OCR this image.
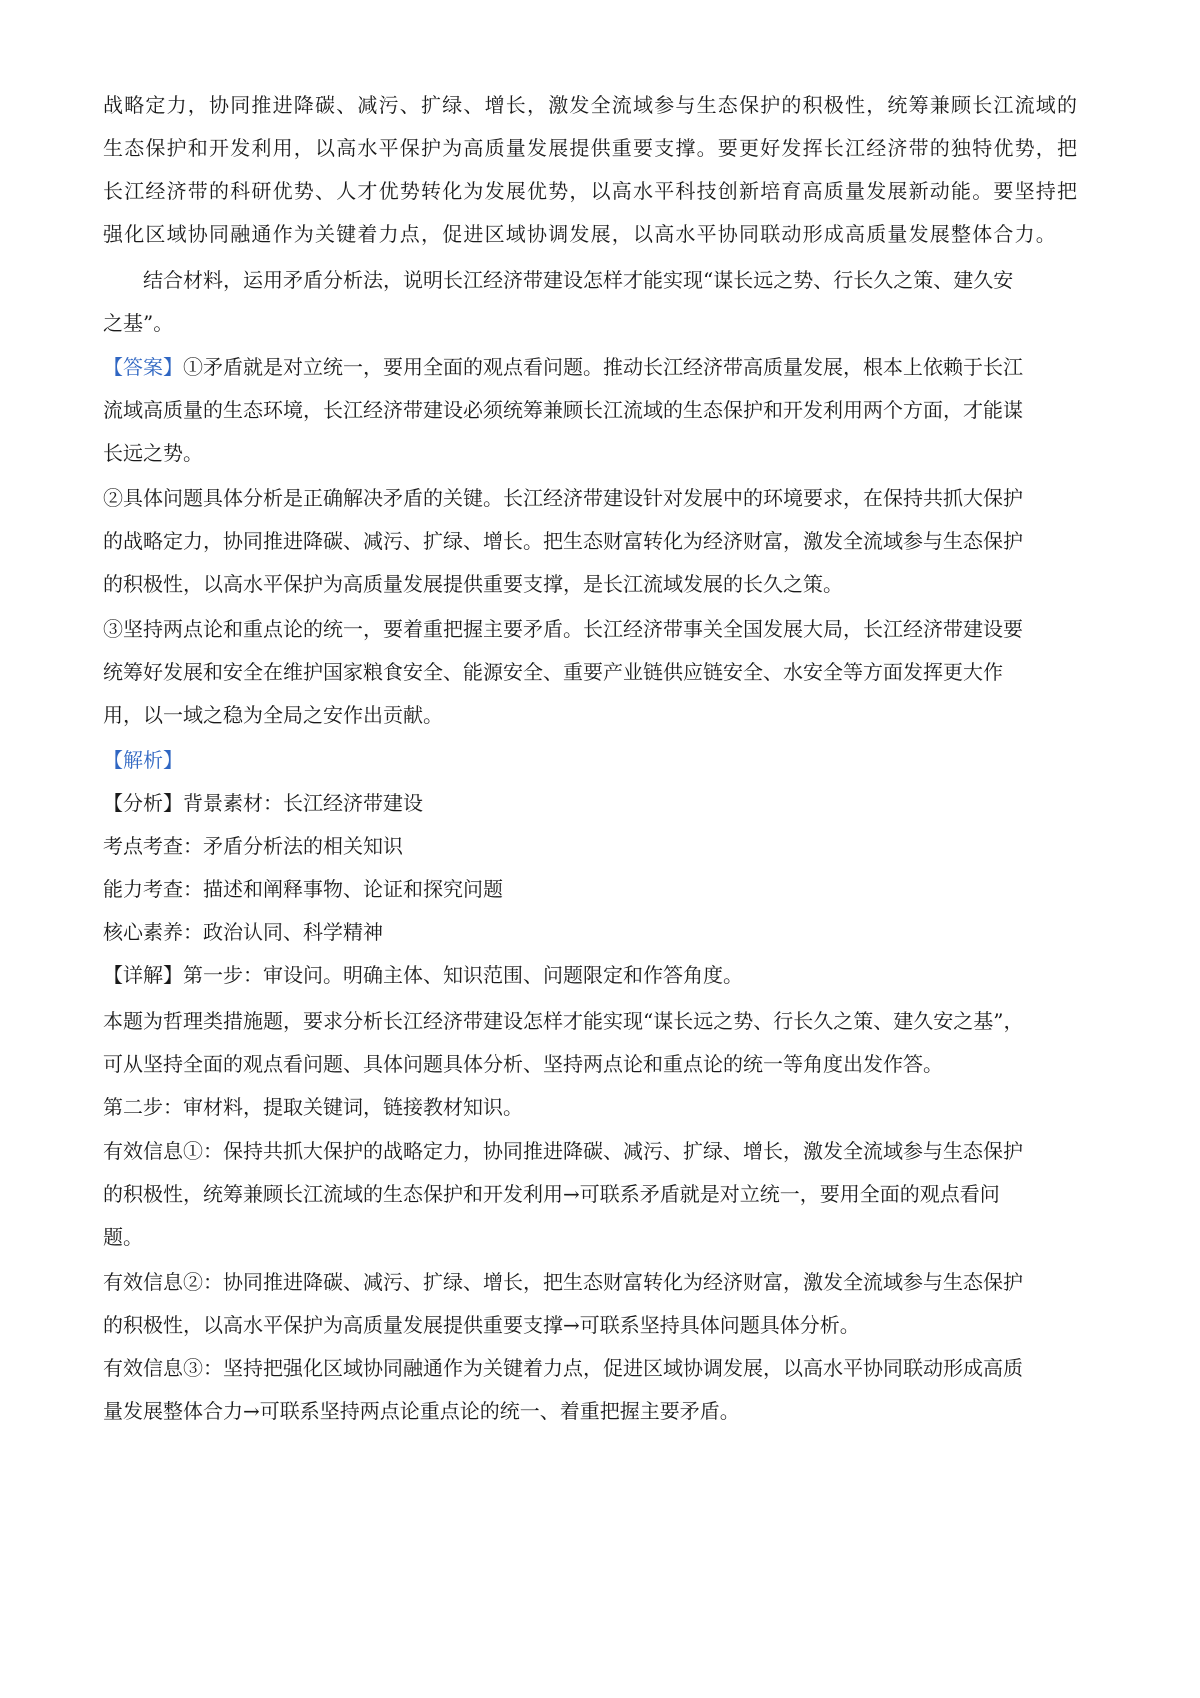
战略定力，协同推进降碳、减污、扩绿、增长，激发全流域参与生态保护的积极性，统筹兼顾长江流域的
生态保护和开发利用，以高水平保护为高质量发展提供重要支撑。要更好发挥长江经济带的独特优势，把
长江经济带的科研优势、人才优势转化为发展优势，以高水平科技创新培育高质量发展新动能。要坚持把
强化区域协同融通作为关键着力点，促进区域协调发展，以高水平协同联动形成高质量发展整体合力。
结合材料，运用矛盾分析法，说明长江经济带建设怎样才能实现“谋长远之势、行长久之策、建久安
之基”。
【答案】①矛盾就是对立统一，要用全面的观点看问题。推动长江经济带高质量发展，根本上依赖于长江
流域高质量的生态环境，长江经济带建设必须统筹兼顾长江流域的生态保护和开发利用两个方面，才能谋
长远之势。
②具体问题具体分析是正确解决矛盾的关键。长江经济带建设针对发展中的环境要求，在保持共抓大保护
的战略定力，协同推进降碳、减污、扩绿、增长。把生态财富转化为经济财富，激发全流域参与生态保护
的积极性，以高水平保护为高质量发展提供重要支撑，是长江流域发展的长久之策。
③坚持两点论和重点论的统一，要着重把握主要矛盾。长江经济带事关全国发展大局，长江经济带建设要
统筹好发展和安全在维护国家粮食安全、能源安全、重要产业链供应链安全、水安全等方面发挥更大作
用，以一域之稳为全局之安作出贡献。
【解析】
【分析】背景素材：长江经济带建设
考点考查：矛盾分析法的相关知识
能力考查：描述和阐释事物、论证和探究问题
核心素养：政治认同、科学精神
【详解】第一步：审设问。明确主体、知识范围、问题限定和作答角度。
本题为哲理类措施题，要求分析长江经济带建设怎样才能实现“谋长远之势、行长久之策、建久安之基”，
可从坚持全面的观点看问题、具体问题具体分析、坚持两点论和重点论的统一等角度出发作答。
第二步：审材料，提取关键词，链接教材知识。
有效信息①：保持共抓大保护的战略定力，协同推进降碳、减污、扩绿、增长，激发全流域参与生态保护
的积极性，统筹兼顾长江流域的生态保护和开发利用→可联系矛盾就是对立统一，要用全面的观点看问
题。
有效信息②：协同推进降碳、减污、扩绿、增长，把生态财富转化为经济财富，激发全流域参与生态保护
的积极性，以高水平保护为高质量发展提供重要支撑→可联系坚持具体问题具体分析。
有效信息③：坚持把强化区域协同融通作为关键着力点，促进区域协调发展，以高水平协同联动形成高质
量发展整体合力→可联系坚持两点论重点论的统一、着重把握主要矛盾。
